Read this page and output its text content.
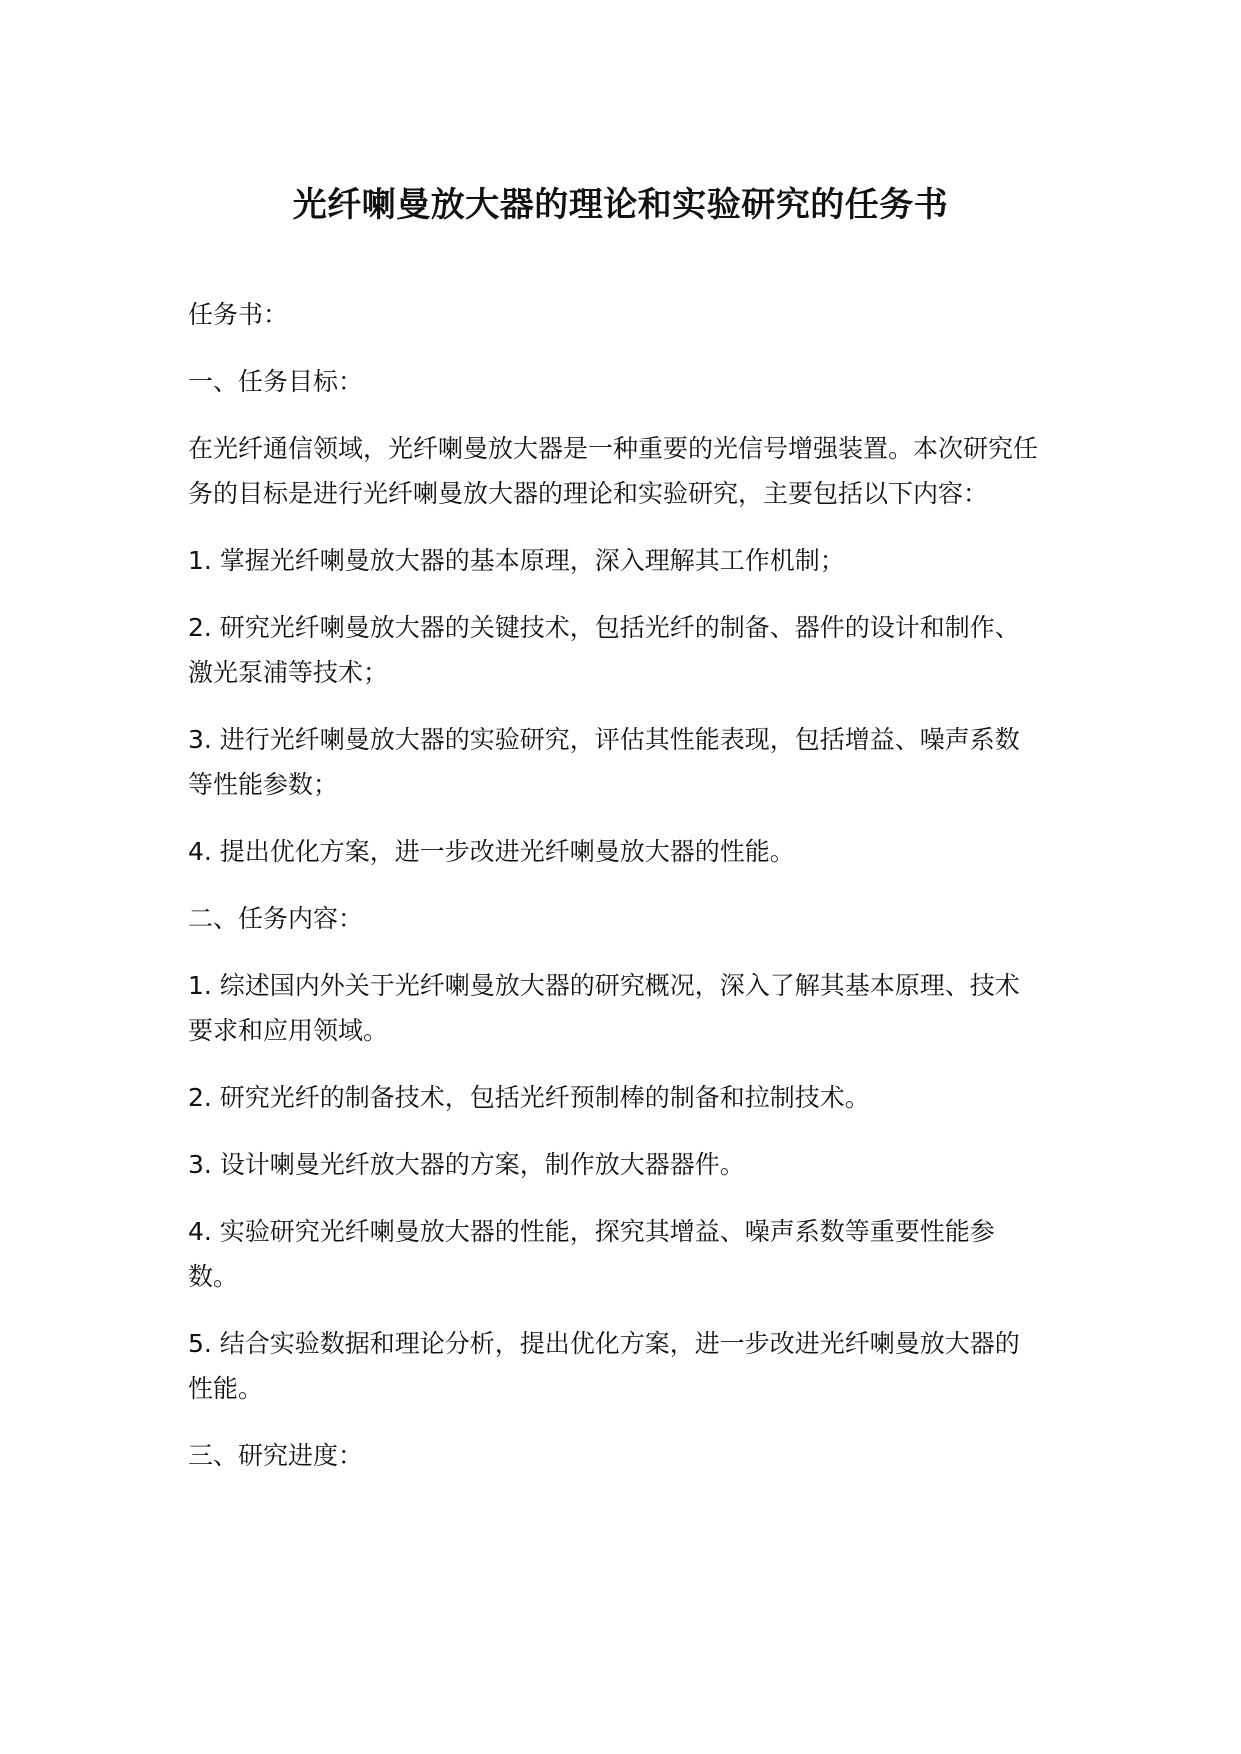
光纤喇曼放大器的理论和实验研究的任务书

任务书：

一、任务目标：

在光纤通信领域，光纤喇曼放大器是一种重要的光信号增强装置。本次研究任务的目标是进行光纤喇曼放大器的理论和实验研究，主要包括以下内容：

1. 掌握光纤喇曼放大器的基本原理，深入理解其工作机制；

2. 研究光纤喇曼放大器的关键技术，包括光纤的制备、器件的设计和制作、激光泵浦等技术；

3. 进行光纤喇曼放大器的实验研究，评估其性能表现，包括增益、噪声系数等性能参数；

4. 提出优化方案，进一步改进光纤喇曼放大器的性能。

二、任务内容：

1. 综述国内外关于光纤喇曼放大器的研究概况，深入了解其基本原理、技术要求和应用领域。

2. 研究光纤的制备技术，包括光纤预制棒的制备和拉制技术。

3. 设计喇曼光纤放大器的方案，制作放大器器件。

4. 实验研究光纤喇曼放大器的性能，探究其增益、噪声系数等重要性能参数。

5. 结合实验数据和理论分析，提出优化方案，进一步改进光纤喇曼放大器的性能。

三、研究进度：
